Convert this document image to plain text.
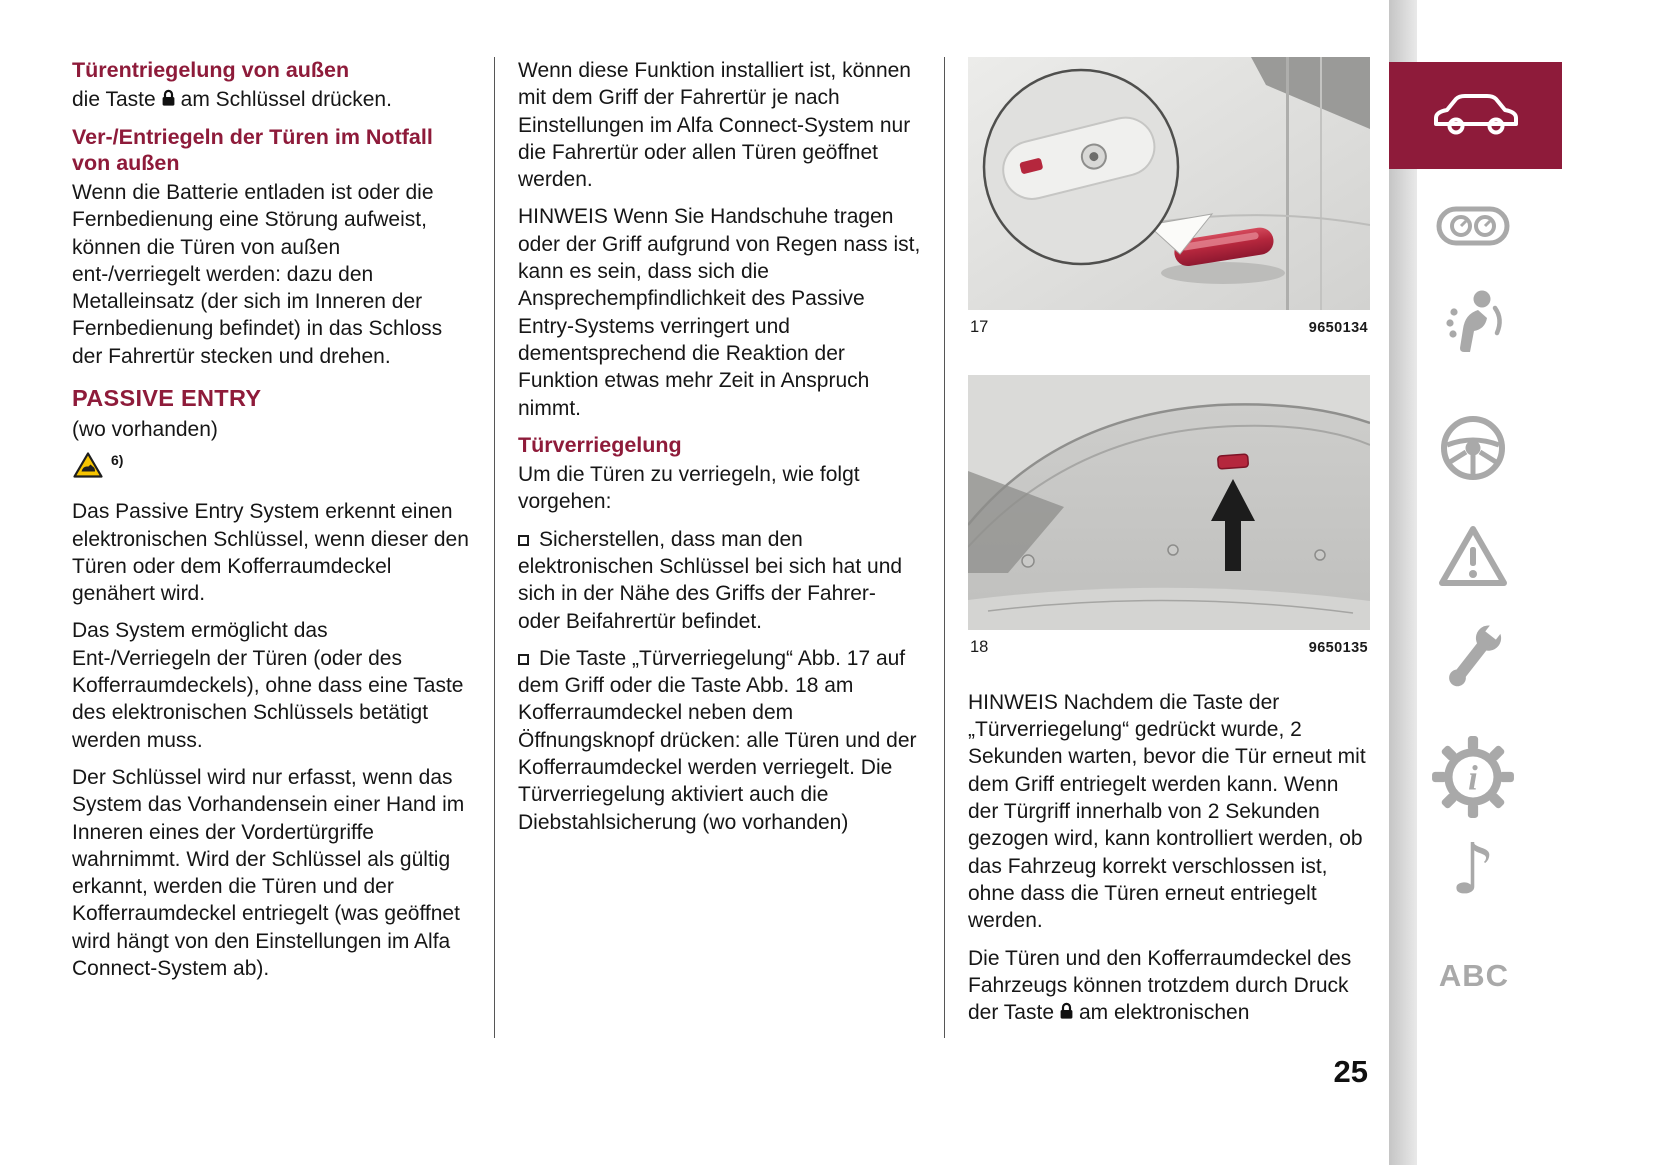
Türentriegelung von außen

die Taste am Schlüssel drücken.

Ver-/Entriegeln der Türen im Notfall von außen

Wenn die Batterie entladen ist oder die Fernbedienung eine Störung aufweist, können die Türen von außen ent-/verriegelt werden: dazu den Metalleinsatz (der sich im Inneren der Fernbedienung befindet) in das Schloss der Fahrertür stecken und drehen.

PASSIVE ENTRY

(wo vorhanden)

6)

Das Passive Entry System erkennt einen elektronischen Schlüssel, wenn dieser den Türen oder dem Kofferraumdeckel genähert wird.

Das System ermöglicht das Ent-/Verriegeln der Türen (oder des Kofferraumdeckels), ohne dass eine Taste des elektronischen Schlüssels betätigt werden muss.

Der Schlüssel wird nur erfasst, wenn das System das Vorhandensein einer Hand im Inneren eines der Vordertürgriffe wahrnimmt. Wird der Schlüssel als gültig erkannt, werden die Türen und der Kofferraumdeckel entriegelt (was geöffnet wird hängt von den Einstellungen im Alfa Connect-System ab).

Wenn diese Funktion installiert ist, können mit dem Griff der Fahrertür je nach Einstellungen im Alfa Connect-System nur die Fahrertür oder allen Türen geöffnet werden.

HINWEIS Wenn Sie Handschuhe tragen oder der Griff aufgrund von Regen nass ist, kann es sein, dass sich die Ansprechempfindlichkeit des Passive Entry-Systems verringert und dementsprechend die Reaktion der Funktion etwas mehr Zeit in Anspruch nimmt.

Türverriegelung

Um die Türen zu verriegeln, wie folgt vorgehen:

Sicherstellen, dass man den elektronischen Schlüssel bei sich hat und sich in der Nähe des Griffs der Fahrer- oder Beifahrertür befindet.

Die Taste „Türverriegelung“ Abb. 17 auf dem Griff oder die Taste Abb. 18 am Kofferraumdeckel neben dem Öffnungsknopf drücken: alle Türen und der Kofferraumdeckel werden verriegelt. Die Türverriegelung aktiviert auch die Diebstahlsicherung (wo vorhanden)

17	9650134
18	9650135

HINWEIS Nachdem die Taste der „Türverriegelung“ gedrückt wurde, 2 Sekunden warten, bevor die Tür erneut mit dem Griff entriegelt werden kann. Wenn der Türgriff innerhalb von 2 Sekunden gezogen wird, kann kontrolliert werden, ob das Fahrzeug korrekt verschlossen ist, ohne dass die Türen erneut entriegelt werden.

Die Türen und den Kofferraumdeckel des Fahrzeugs können trotzdem durch Druck der Taste am elektronischen

25
i
♪
ABC
